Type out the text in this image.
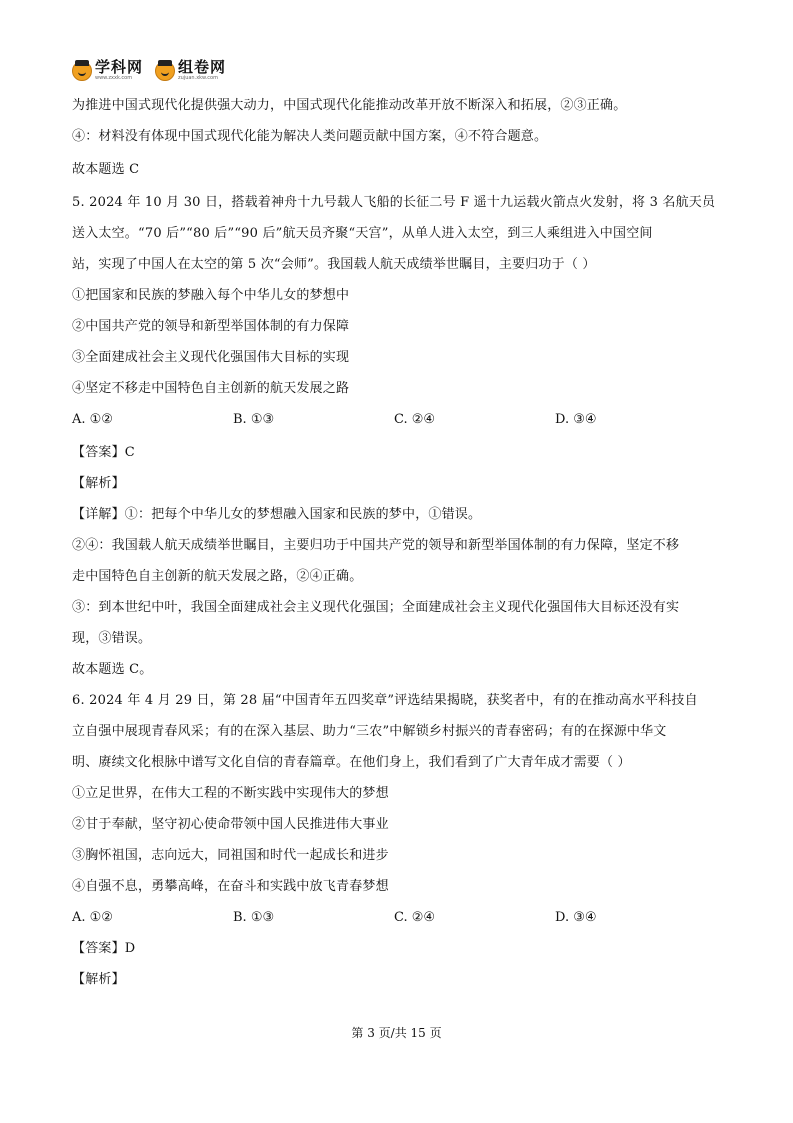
学科网
www.zxxk.com
组卷网
zujuan.xkw.com
为推进中国式现代化提供强大动力，中国式现代化能推动改革开放不断深入和拓展，②③正确。
④：材料没有体现中国式现代化能为解决人类问题贡献中国方案，④不符合题意。
故本题选 C
5. 2024 年 10 月 30 日，搭载着神舟十九号载人飞船的长征二号 F 遥十九运载火箭点火发射，将 3 名航天员
送入太空。“70 后”“80 后”“90 后”航天员齐聚“天宫”，从单人进入太空，到三人乘组进入中国空间
站，实现了中国人在太空的第 5 次“会师”。我国载人航天成绩举世瞩目，主要归功于（ ）
①把国家和民族的梦融入每个中华儿女的梦想中
②中国共产党的领导和新型举国体制的有力保障
③全面建成社会主义现代化强国伟大目标的实现
④坚定不移走中国特色自主创新的航天发展之路
A. ①②	B. ①③	C. ②④	D. ③④
【答案】C
【解析】
【详解】①：把每个中华儿女的梦想融入国家和民族的梦中，①错误。
②④：我国载人航天成绩举世瞩目，主要归功于中国共产党的领导和新型举国体制的有力保障，坚定不移
走中国特色自主创新的航天发展之路，②④正确。
③：到本世纪中叶，我国全面建成社会主义现代化强国；全面建成社会主义现代化强国伟大目标还没有实
现，③错误。
故本题选 C。
6. 2024 年 4 月 29 日，第 28 届“中国青年五四奖章”评选结果揭晓，获奖者中，有的在推动高水平科技自
立自强中展现青春风采；有的在深入基层、助力“三农”中解锁乡村振兴的青春密码；有的在探源中华文
明、赓续文化根脉中谱写文化自信的青春篇章。在他们身上，我们看到了广大青年成才需要（ ）
①立足世界，在伟大工程的不断实践中实现伟大的梦想
②甘于奉献，坚守初心使命带领中国人民推进伟大事业
③胸怀祖国，志向远大，同祖国和时代一起成长和进步
④自强不息，勇攀高峰，在奋斗和实践中放飞青春梦想
A. ①②	B. ①③	C. ②④	D. ③④
【答案】D
【解析】
第 3 页/共 15 页
